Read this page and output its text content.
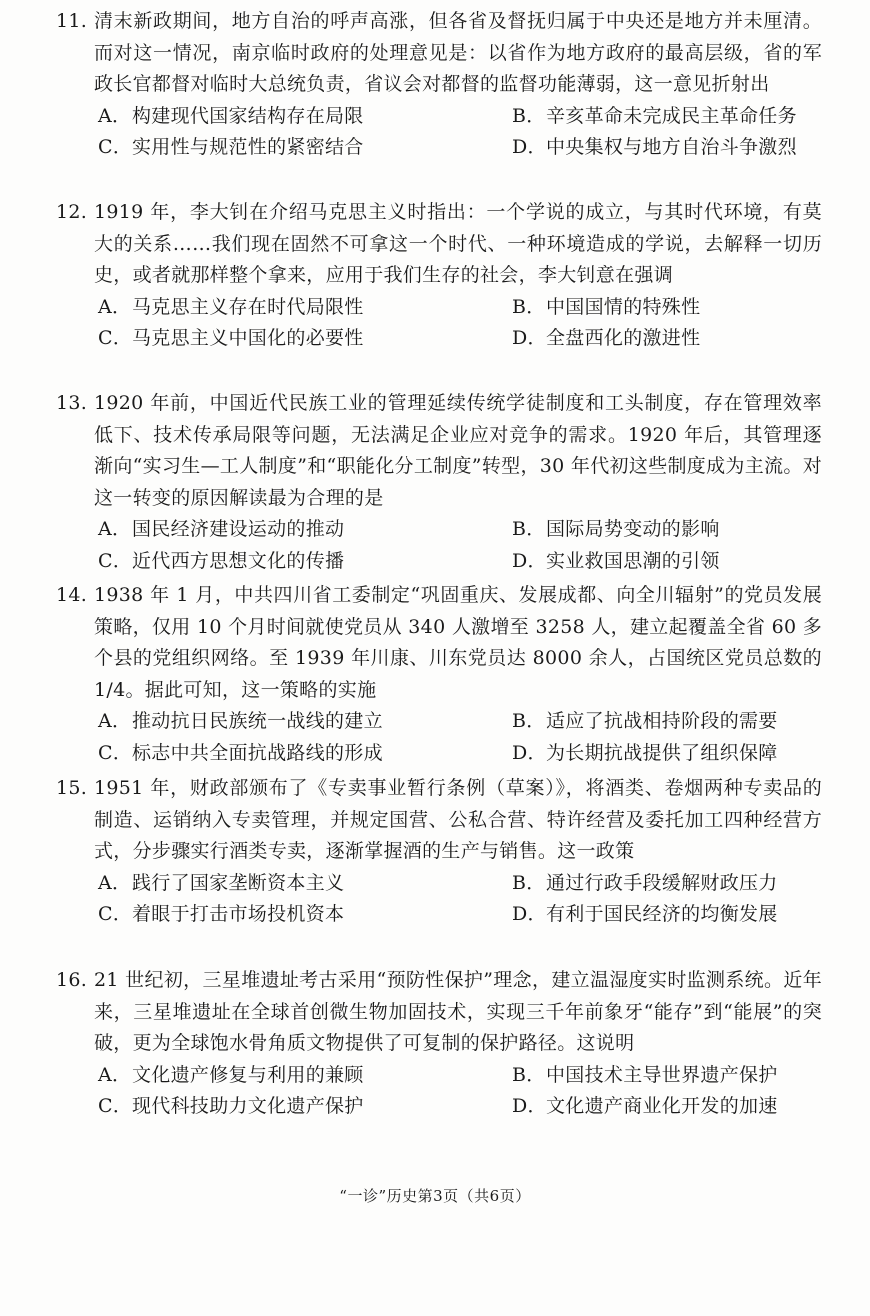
11. 清末新政期间，地方自治的呼声高涨，但各省及督抚归属于中央还是地方并未厘清。而对这一情况，南京临时政府的处理意见是：以省作为地方政府的最高层级，省的军政长官都督对临时大总统负责，省议会对都督的监督功能薄弱，这一意见折射出
A．构建现代国家结构存在局限	B．辛亥革命未完成民主革命任务
C．实用性与规范性的紧密结合	D．中央集权与地方自治斗争激烈
12. 1919 年，李大钊在介绍马克思主义时指出：一个学说的成立，与其时代环境，有莫大的关系……我们现在固然不可拿这一个时代、一种环境造成的学说，去解释一切历史，或者就那样整个拿来，应用于我们生存的社会，李大钊意在强调
A．马克思主义存在时代局限性	B．中国国情的特殊性
C．马克思主义中国化的必要性	D．全盘西化的激进性
13. 1920 年前，中国近代民族工业的管理延续传统学徒制度和工头制度，存在管理效率低下、技术传承局限等问题，无法满足企业应对竞争的需求。1920 年后，其管理逐渐向“实习生—工人制度”和“职能化分工制度”转型，30 年代初这些制度成为主流。对这一转变的原因解读最为合理的是
A．国民经济建设运动的推动	B．国际局势变动的影响
C．近代西方思想文化的传播	D．实业救国思潮的引领
14. 1938 年 1 月，中共四川省工委制定“巩固重庆、发展成都、向全川辐射”的党员发展策略，仅用 10 个月时间就使党员从 340 人激增至 3258 人，建立起覆盖全省 60 多个县的党组织网络。至 1939 年川康、川东党员达 8000 余人，占国统区党员总数的 1/4。据此可知，这一策略的实施
A．推动抗日民族统一战线的建立	B．适应了抗战相持阶段的需要
C．标志中共全面抗战路线的形成	D．为长期抗战提供了组织保障
15. 1951 年，财政部颁布了《专卖事业暂行条例（草案）》，将酒类、卷烟两种专卖品的制造、运销纳入专卖管理，并规定国营、公私合营、特许经营及委托加工四种经营方式，分步骤实行酒类专卖，逐渐掌握酒的生产与销售。这一政策
A．践行了国家垄断资本主义	B．通过行政手段缓解财政压力
C．着眼于打击市场投机资本	D．有利于国民经济的均衡发展
16. 21 世纪初，三星堆遗址考古采用“预防性保护”理念，建立温湿度实时监测系统。近年来，三星堆遗址在全球首创微生物加固技术，实现三千年前象牙“能存”到“能展”的突破，更为全球饱水骨角质文物提供了可复制的保护路径。这说明
A．文化遗产修复与利用的兼顾	B．中国技术主导世界遗产保护
C．现代科技助力文化遗产保护	D．文化遗产商业化开发的加速
“一诊”历史第3页（共6页）
